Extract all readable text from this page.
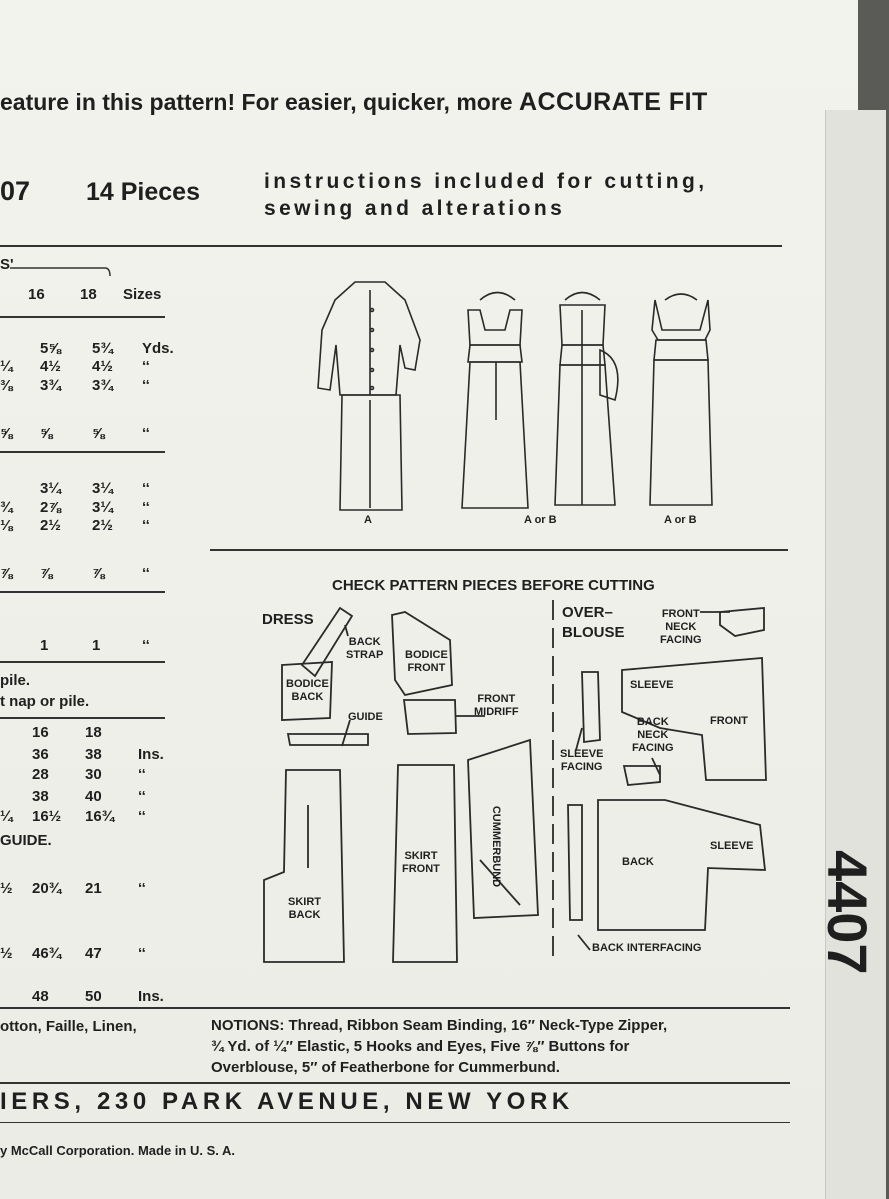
eature in this pattern! For easier, quicker, more ACCURATE FIT
07 14 Pieces	instructions included for cutting,
sewing and alterations
S'
16 18 Sizes
5⅝ 5¾ Yds.
¼ 4½ 4½ ‘‘
⅜ 3¾ 3¾ ‘‘
⅝ ⅝	⅝ ‘‘
3¼ 3¼ ‘‘
¾ 2⅞ 3¼ ‘‘
⅛ 2½ 2½ ‘‘
⅞ ⅞	⅞ ‘‘
1	1	‘‘
pile.
t nap or pile.
16 18
36 38 Ins.
28 30 ‘‘
38 40 ‘‘
¼ 16½ 16¾ ‘‘
GUIDE.
½ 20¾ 21 ‘‘
½ 46¾ 47 ‘‘
48 50 Ins.
otton, Faille, Linen,
A	A or B	A or B
CHECK PATTERN PIECES BEFORE CUTTING
DRESS	OVER–
BLOUSE
BACK
STRAP BODICE
FRONT
BODICE
BACK	FRONT
MIDRIFF
GUIDE
CUMMERBUND
SKIRT
FRONT
SKIRT
BACK
FRONT
NECK
FACING
SLEEVE
FRONT
BACK
NECK
FACING
SLEEVE
FACING
BACK
SLEEVE
BACK INTERFACING
NOTIONS: Thread, Ribbon Seam Binding, 16″ Neck-Type Zipper,
¾ Yd. of ¼″ Elastic, 5 Hooks and Eyes, Five ⅞″ Buttons for
Overblouse, 5″ of Featherbone for Cummerbund.
IERS, 230 PARK AVENUE, NEW YORK
y McCall Corporation. Made in U. S. A.
4407
